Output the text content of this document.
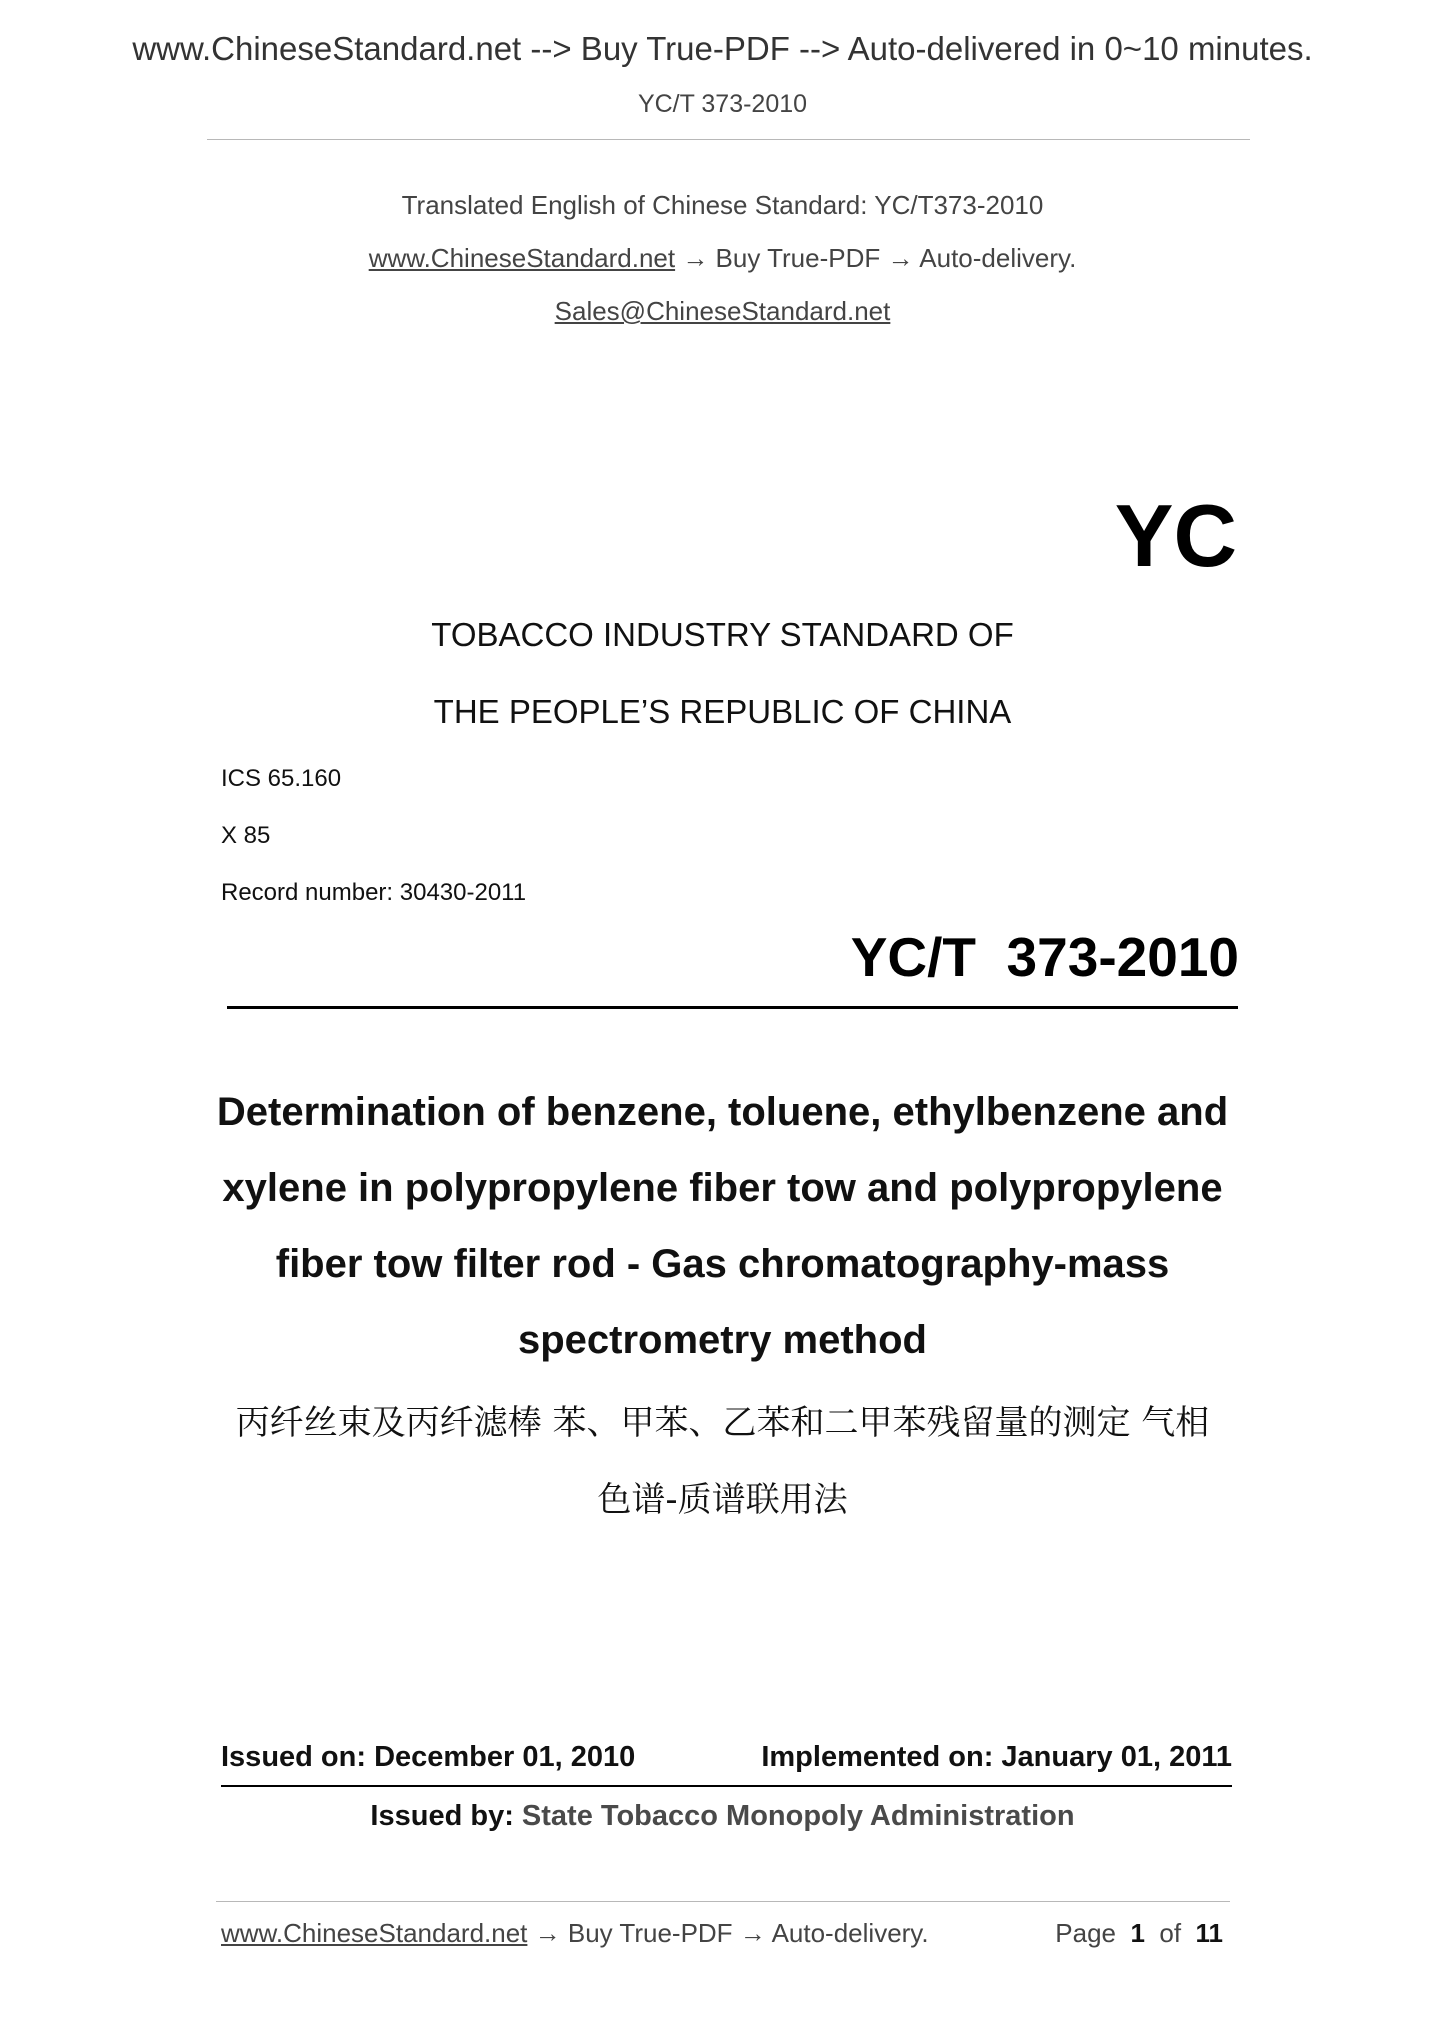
www.ChineseStandard.net --> Buy True-PDF --> Auto-delivered in 0~10 minutes.
YC/T 373-2010
Translated English of Chinese Standard: YC/T373-2010
www.ChineseStandard.net → Buy True-PDF → Auto-delivery.
Sales@ChineseStandard.net
YC
TOBACCO INDUSTRY STANDARD OF
THE PEOPLE’S REPUBLIC OF CHINA
ICS 65.160
X 85
Record number: 30430-2011
YC/T  373-2010
Determination of benzene, toluene, ethylbenzene and
xylene in polypropylene fiber tow and polypropylene
fiber tow filter rod - Gas chromatography-mass
spectrometry method
丙纤丝束及丙纤滤棒 苯、甲苯、乙苯和二甲苯残留量的测定 气相
色谱-质谱联用法
Issued on: December 01, 2010	Implemented on: January 01, 2011
Issued by: State Tobacco Monopoly Administration
www.ChineseStandard.net → Buy True-PDF → Auto-delivery.	Page  1  of  11
